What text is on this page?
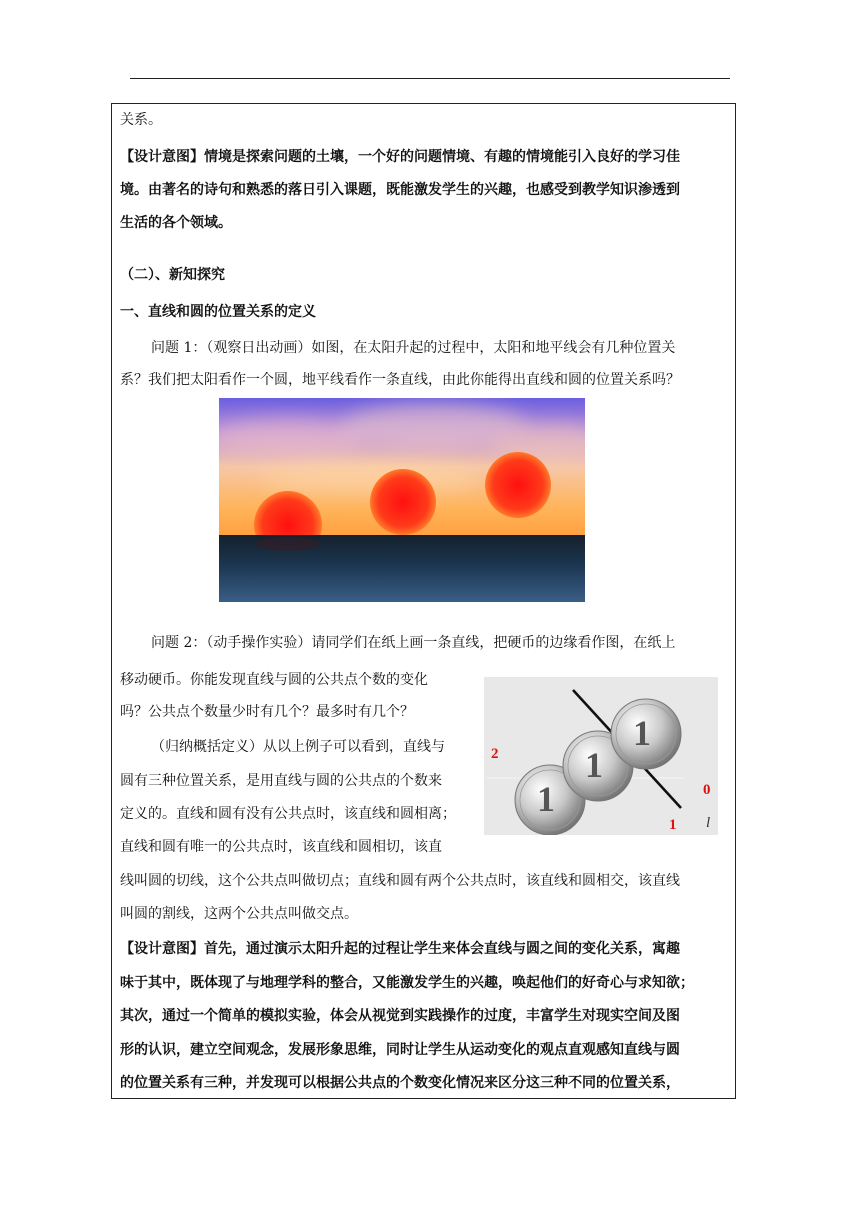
关系。
【设计意图】情境是探索问题的土壤，一个好的问题情境、有趣的情境能引入良好的学习佳
境。由著名的诗句和熟悉的落日引入课题，既能激发学生的兴趣，也感受到教学知识渗透到
生活的各个领域。
（二）、新知探究
一、直线和圆的位置关系的定义
问题 1：（观察日出动画）如图，在太阳升起的过程中，太阳和地平线会有几种位置关
系？我们把太阳看作一个圆，地平线看作一条直线，由此你能得出直线和圆的位置关系吗？
问题 2：（动手操作实验）请同学们在纸上画一条直线，把硬币的边缘看作图，在纸上
移动硬币。你能发现直线与圆的公共点个数的变化
吗？公共点个数量少时有几个？最多时有几个？
（归纳概括定义）从以上例子可以看到，直线与
圆有三种位置关系，是用直线与圆的公共点的个数来
定义的。直线和圆有没有公共点时，该直线和圆相离；
直线和圆有唯一的公共点时，该直线和圆相切，该直
线叫圆的切线，这个公共点叫做切点；直线和圆有两个公共点时，该直线和圆相交，该直线
叫圆的割线，这两个公共点叫做交点。
1
1
1
2
1
0
l
【设计意图】首先，通过演示太阳升起的过程让学生来体会直线与圆之间的变化关系，寓趣
味于其中，既体现了与地理学科的整合，又能激发学生的兴趣，唤起他们的好奇心与求知欲；
其次，通过一个简单的模拟实验，体会从视觉到实践操作的过度，丰富学生对现实空间及图
形的认识，建立空间观念，发展形象思维，同时让学生从运动变化的观点直观感知直线与圆
的位置关系有三种，并发现可以根据公共点的个数变化情况来区分这三种不同的位置关系，
